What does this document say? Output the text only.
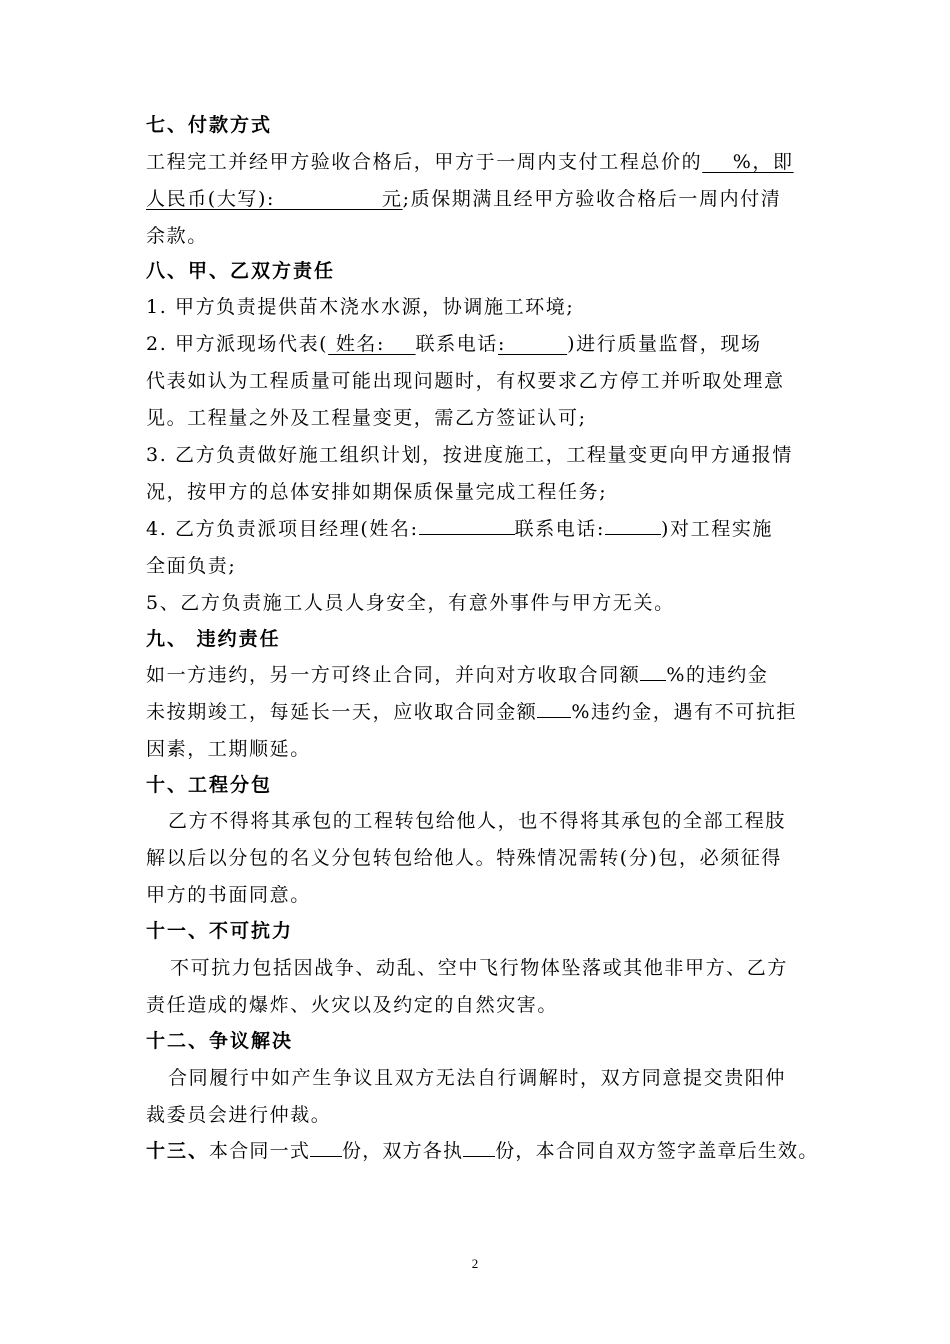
七、付款方式
工程完工并经甲方验收合格后，甲方于一周内支付工程总价的    %，即
人民币(大写):              元;质保期满且经甲方验收合格后一周内付清
余款。
八、甲、乙双方责任
1. 甲方负责提供苗木浇水水源，协调施工环境;
2. 甲方派现场代表( 姓名:    联系电话:        )进行质量监督，现场
代表如认为工程质量可能出现问题时，有权要求乙方停工并听取处理意
见。工程量之外及工程量变更，需乙方签证认可;
3. 乙方负责做好施工组织计划，按进度施工，工程量变更向甲方通报情
况，按甲方的总体安排如期保质保量完成工程任务;
4. 乙方负责派项目经理(姓名:	联系电话:	)对工程实施
全面负责;
5、乙方负责施工人员人身安全，有意外事件与甲方无关。
九、 违约责任
如一方违约，另一方可终止合同，并向对方收取合同额 %的违约金
未按期竣工，每延长一天，应收取合同金额 %违约金，遇有不可抗拒
因素，工期顺延。
十、工程分包
乙方不得将其承包的工程转包给他人，也不得将其承包的全部工程肢
解以后以分包的名义分包转包给他人。特殊情况需转(分)包，必须征得
甲方的书面同意。
十一、不可抗力
不可抗力包括因战争、动乱、空中飞行物体坠落或其他非甲方、乙方
责任造成的爆炸、火灾以及约定的自然灾害。
十二、争议解决
合同履行中如产生争议且双方无法自行调解时，双方同意提交贵阳仲
裁委员会进行仲裁。
十三、本合同一式 份，双方各执 份，本合同自双方签字盖章后生效。
2
